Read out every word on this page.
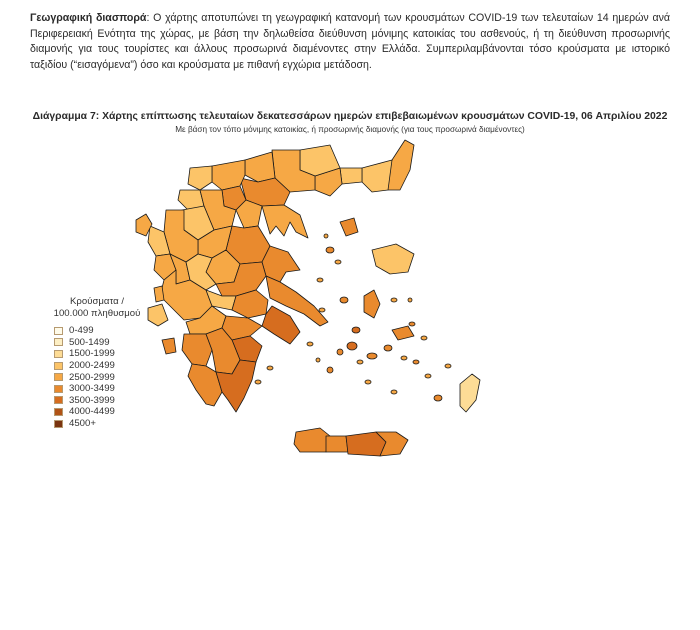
Γεωγραφική διασπορά: Ο χάρτης αποτυπώνει τη γεωγραφική κατανομή των κρουσμάτων COVID-19 των τελευταίων 14 ημερών ανά Περιφερειακή Ενότητα της χώρας, με βάση την δηλωθείσα διεύθυνση μόνιμης κατοικίας του ασθενούς, ή τη διεύθυνση προσωρινής διαμονής για τους τουρίστες και άλλους προσωρινά διαμένοντες στην Ελλάδα. Συμπεριλαμβάνονται τόσο κρούσματα με ιστορικό ταξιδίου (“εισαγόμενα”) όσο και κρούσματα με πιθανή εγχώρια μετάδοση.
Διάγραμμα 7: Χάρτης επίπτωσης τελευταίων δεκατεσσάρων ημερών επιβεβαιωμένων κρουσμάτων COVID-19, 06 Απριλίου 2022
Με βάση τον τόπο μόνιμης κατοικίας, ή προσωρινής διαμονής (για τους προσωρινά διαμένοντες)
Κρούσματα /
100.000 πληθυσμού
0-499
500-1499
1500-1999
2000-2499
2500-2999
3000-3499
3500-3999
4000-4499
4500+
